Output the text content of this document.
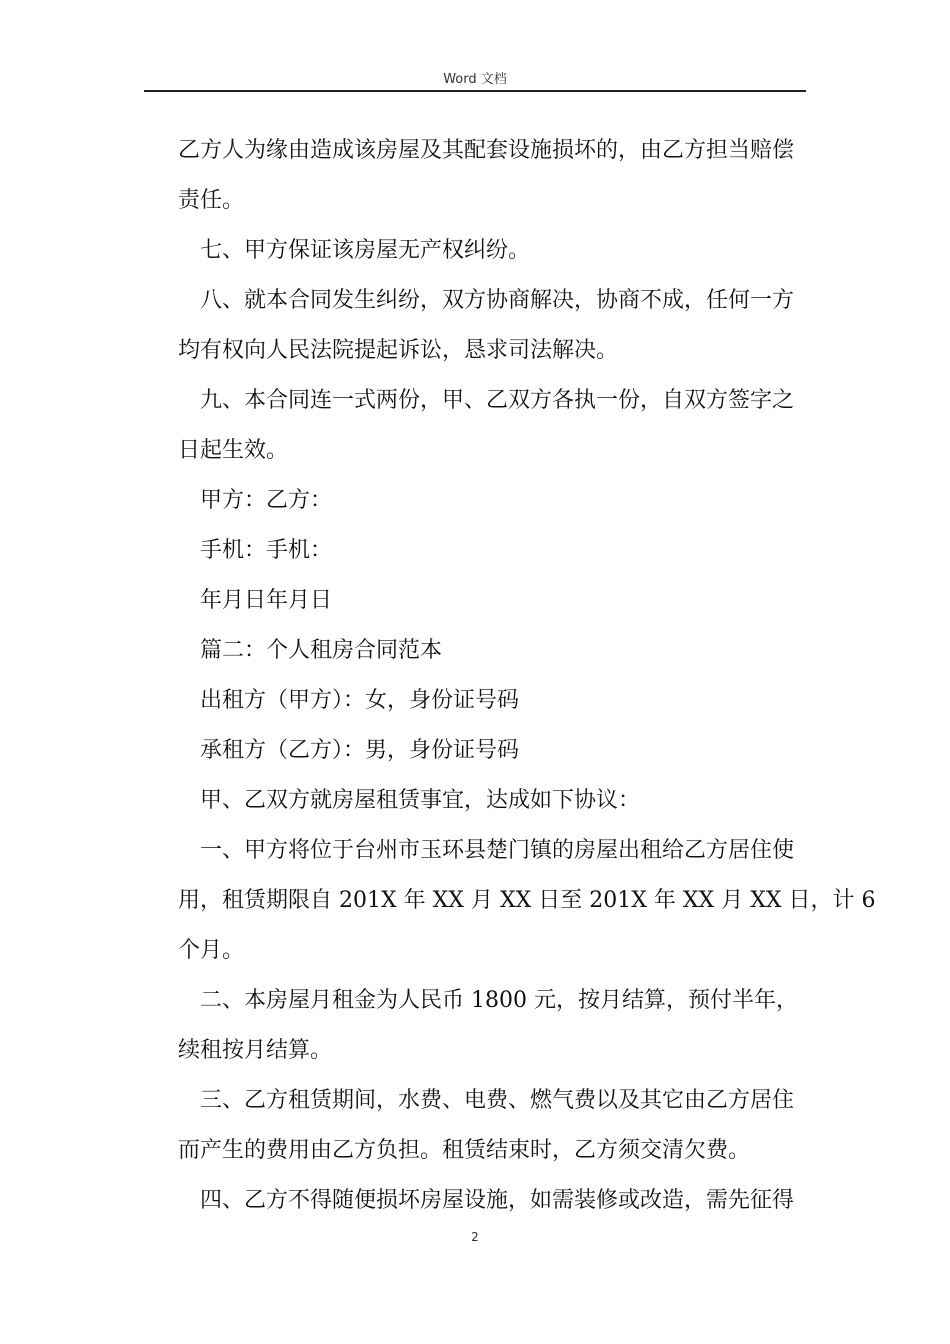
Word 文档

乙方人为缘由造成该房屋及其配套设施损坏的，由乙方担当赔偿

责任。

七、甲方保证该房屋无产权纠纷。

八、就本合同发生纠纷，双方协商解决，协商不成，任何一方

均有权向人民法院提起诉讼，恳求司法解决。

九、本合同连一式两份，甲、乙双方各执一份，自双方签字之

日起生效。

甲方：乙方：

手机：手机：

年月日年月日

篇二：个人租房合同范本

出租方（甲方）：女，身份证号码

承租方（乙方）：男，身份证号码

甲、乙双方就房屋租赁事宜，达成如下协议：

一、甲方将位于台州市玉环县楚门镇的房屋出租给乙方居住使

用，租赁期限自 201X 年 XX 月 XX 日至 201X 年 XX 月 XX 日，计 6

个月。

二、本房屋月租金为人民币 1800 元，按月结算，预付半年，

续租按月结算。

三、乙方租赁期间，水费、电费、燃气费以及其它由乙方居住

而产生的费用由乙方负担。租赁结束时，乙方须交清欠费。

四、乙方不得随便损坏房屋设施，如需装修或改造，需先征得

2
